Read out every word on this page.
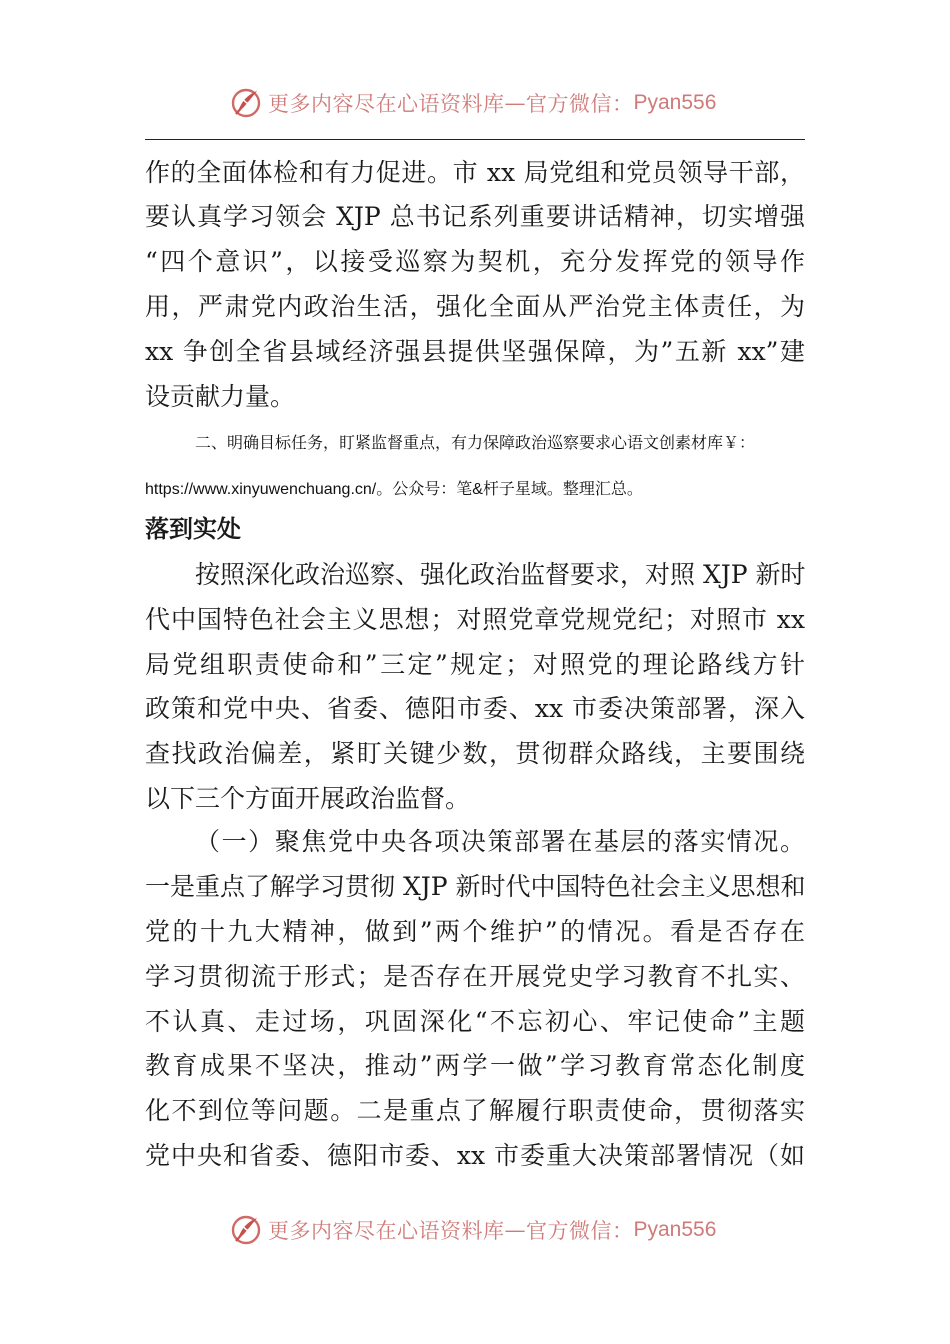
更多内容尽在心语资料库 — 官方微信： Pyan556
作的全面体检和有力促进。市 xx 局党组和党员领导干部，
要认真学习领会 XJP 总书记系列重要讲话精神，切实增强
“四个意识”，以接受巡察为契机，充分发挥党的领导作
用，严肃党内政治生活，强化全面从严治党主体责任，为
xx 争创全省县域经济强县提供坚强保障，为”五新 xx”建
设贡献力量。
二、明确目标任务，盯紧监督重点，有力保障政治巡察要求心语文创素材库￥：
https://www.xinyuwenchuang.cn/。公众号：笔&杆子星域。整理汇总。
落到实处
按照深化政治巡察、强化政治监督要求，对照 XJP 新时
代中国特色社会主义思想；对照党章党规党纪；对照市 xx
局党组职责使命和”三定”规定；对照党的理论路线方针
政策和党中央、省委、德阳市委、xx 市委决策部署，深入
查找政治偏差，紧盯关键少数，贯彻群众路线，主要围绕
以下三个方面开展政治监督。
（一）聚焦党中央各项决策部署在基层的落实情况。
一是重点了解学习贯彻 XJP 新时代中国特色社会主义思想和
党的十九大精神，做到”两个维护”的情况。看是否存在
学习贯彻流于形式；是否存在开展党史学习教育不扎实、
不认真、走过场，巩固深化“不忘初心、牢记使命”主题
教育成果不坚决，推动”两学一做”学习教育常态化制度
化不到位等问题。二是重点了解履行职责使命，贯彻落实
党中央和省委、德阳市委、xx 市委重大决策部署情况（如
更多内容尽在心语资料库 — 官方微信： Pyan556
